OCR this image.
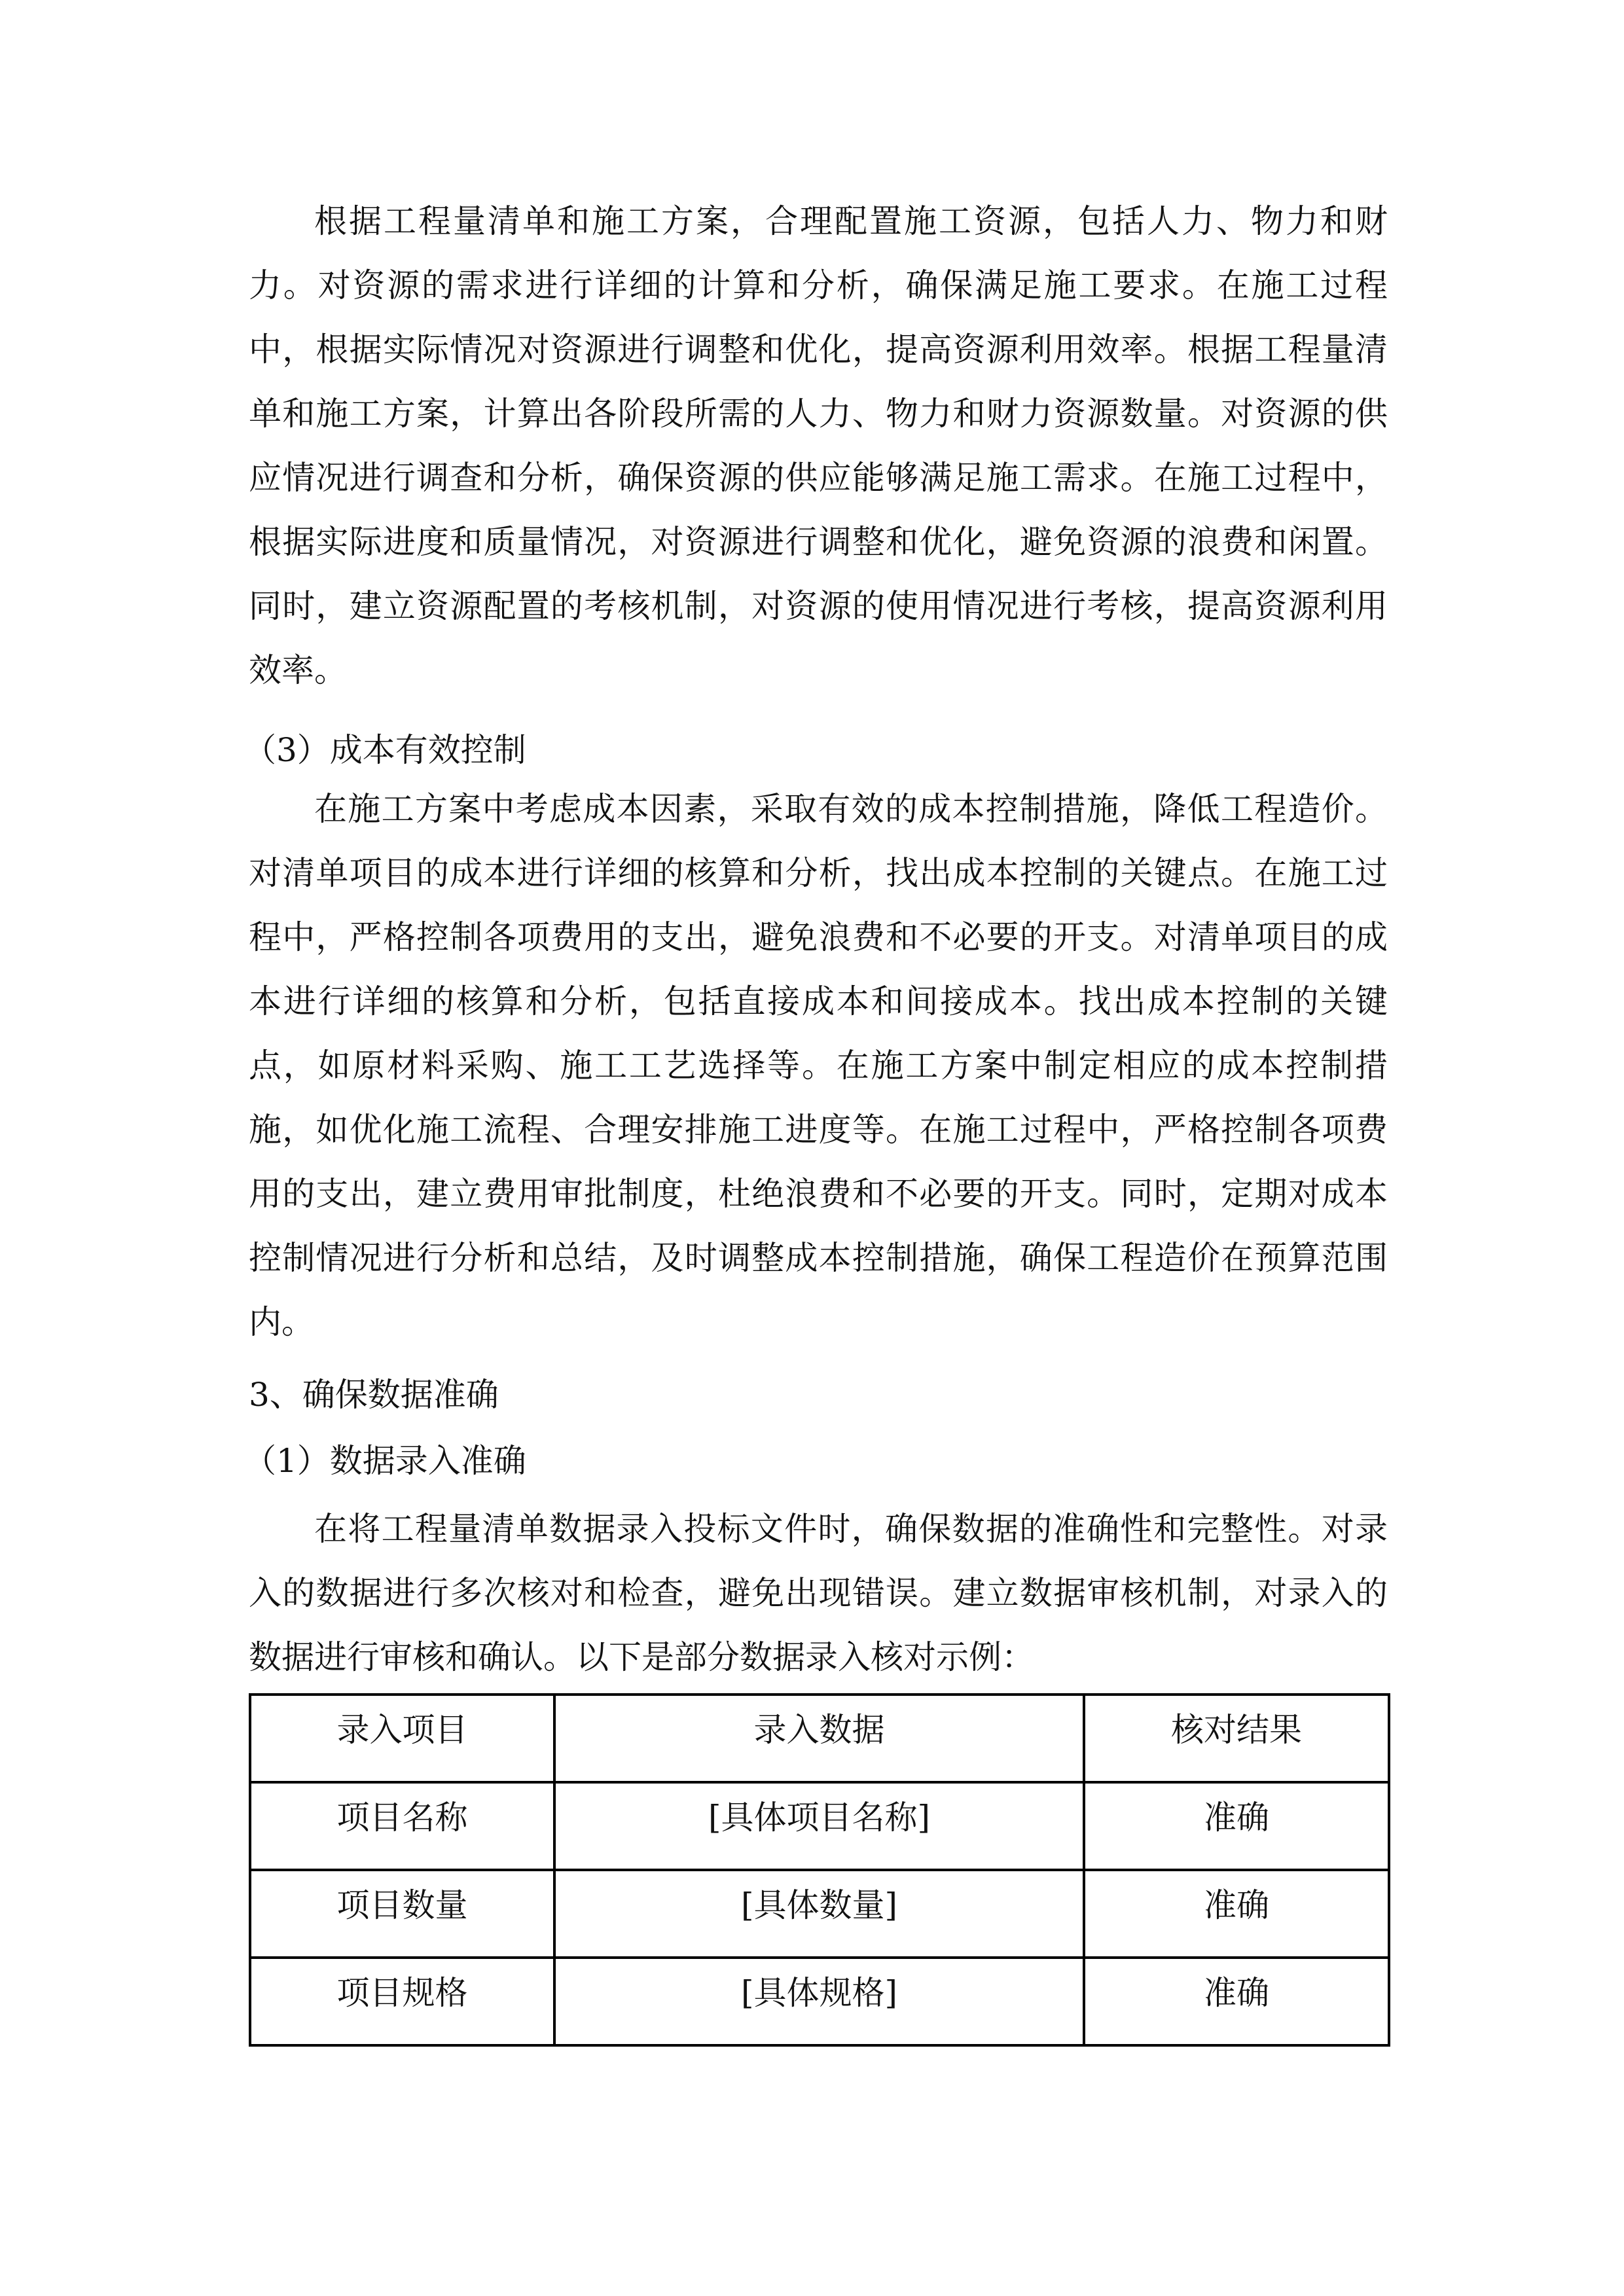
根据工程量清单和施工方案，合理配置施工资源，包括人力、物力和财
力。对资源的需求进行详细的计算和分析，确保满足施工要求。在施工过程
中，根据实际情况对资源进行调整和优化，提高资源利用效率。根据工程量清
单和施工方案，计算出各阶段所需的人力、物力和财力资源数量。对资源的供
应情况进行调查和分析，确保资源的供应能够满足施工需求。在施工过程中，
根据实际进度和质量情况，对资源进行调整和优化，避免资源的浪费和闲置。
同时，建立资源配置的考核机制，对资源的使用情况进行考核，提高资源利用
效率。
（3）成本有效控制
在施工方案中考虑成本因素，采取有效的成本控制措施，降低工程造价。
对清单项目的成本进行详细的核算和分析，找出成本控制的关键点。在施工过
程中，严格控制各项费用的支出，避免浪费和不必要的开支。对清单项目的成
本进行详细的核算和分析，包括直接成本和间接成本。找出成本控制的关键
点，如原材料采购、施工工艺选择等。在施工方案中制定相应的成本控制措
施，如优化施工流程、合理安排施工进度等。在施工过程中，严格控制各项费
用的支出，建立费用审批制度，杜绝浪费和不必要的开支。同时，定期对成本
控制情况进行分析和总结，及时调整成本控制措施，确保工程造价在预算范围
内。
3、确保数据准确
（1）数据录入准确
在将工程量清单数据录入投标文件时，确保数据的准确性和完整性。对录
入的数据进行多次核对和检查，避免出现错误。建立数据审核机制，对录入的
数据进行审核和确认。以下是部分数据录入核对示例：
录入项目	录入数据	核对结果
项目名称	[具体项目名称]	准确
项目数量	[具体数量]	准确
项目规格	[具体规格]	准确
